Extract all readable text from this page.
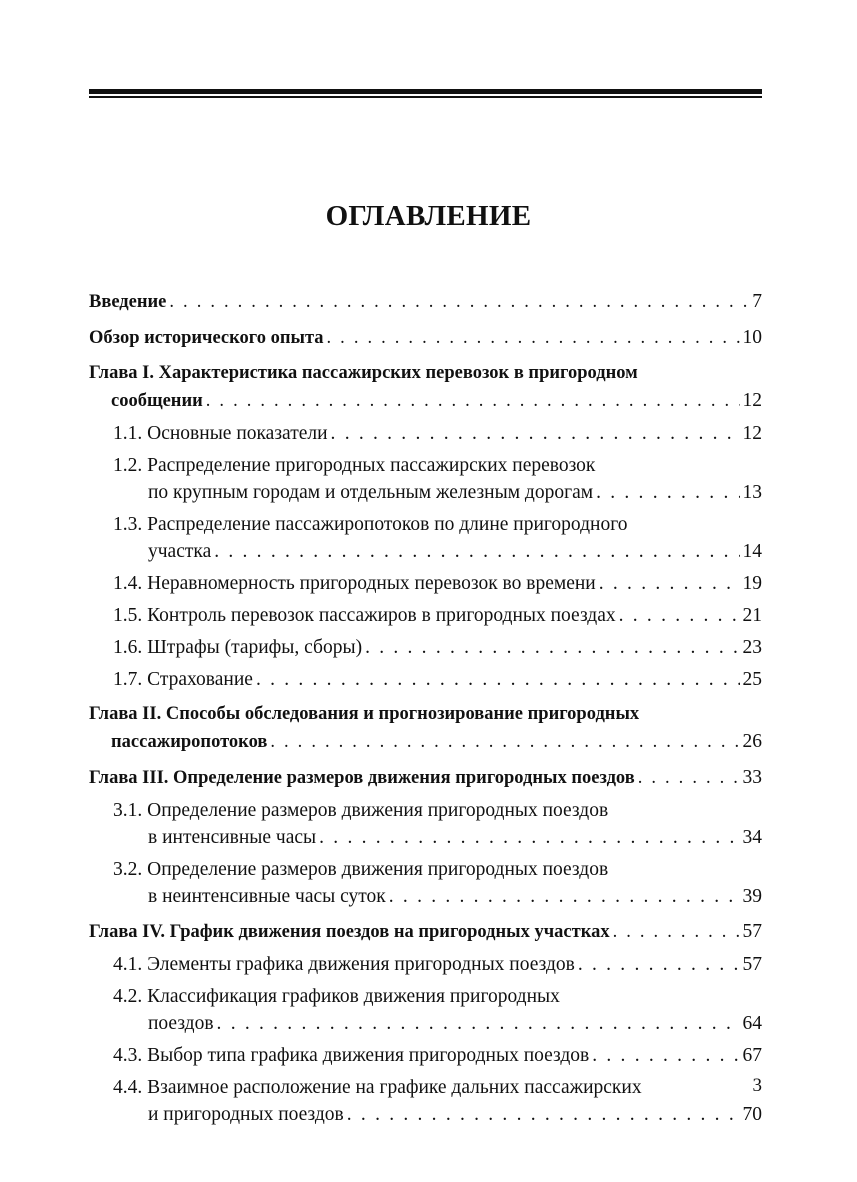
ОГЛАВЛЕНИЕ
Введение . . .	7
Обзор исторического опыта . . .	10
Глава I. Характеристика пассажирских перевозок в пригородном
сообщении . . .	12
1.1. Основные показатели . . .	12
1.2. Распределение пригородных пассажирских перевозок
по крупным городам и отдельным железным дорогам . . .	13
1.3. Распределение пассажиропотоков по длине пригородного
участка . . .	14
1.4. Неравномерность пригородных перевозок во времени . . .	19
1.5. Контроль перевозок пассажиров в пригородных поездах . . .	21
1.6. Штрафы (тарифы, сборы) . . .	23
1.7. Страхование . . .	25
Глава II. Способы обследования и прогнозирование пригородных
пассажиропотоков . . .	26
Глава III. Определение размеров движения пригородных поездов . . .	33
3.1. Определение размеров движения пригородных поездов
в интенсивные часы . . .	34
3.2. Определение размеров движения пригородных поездов
в неинтенсивные часы суток . . .	39
Глава IV. График движения поездов на пригородных участках . . .	57
4.1. Элементы графика движения пригородных поездов . . .	57
4.2. Классификация графиков движения пригородных
поездов . . .	64
4.3. Выбор типа графика движения пригородных поездов . . .	67
4.4. Взаимное расположение на графике дальних пассажирских
и пригородных поездов . . .	70
3
